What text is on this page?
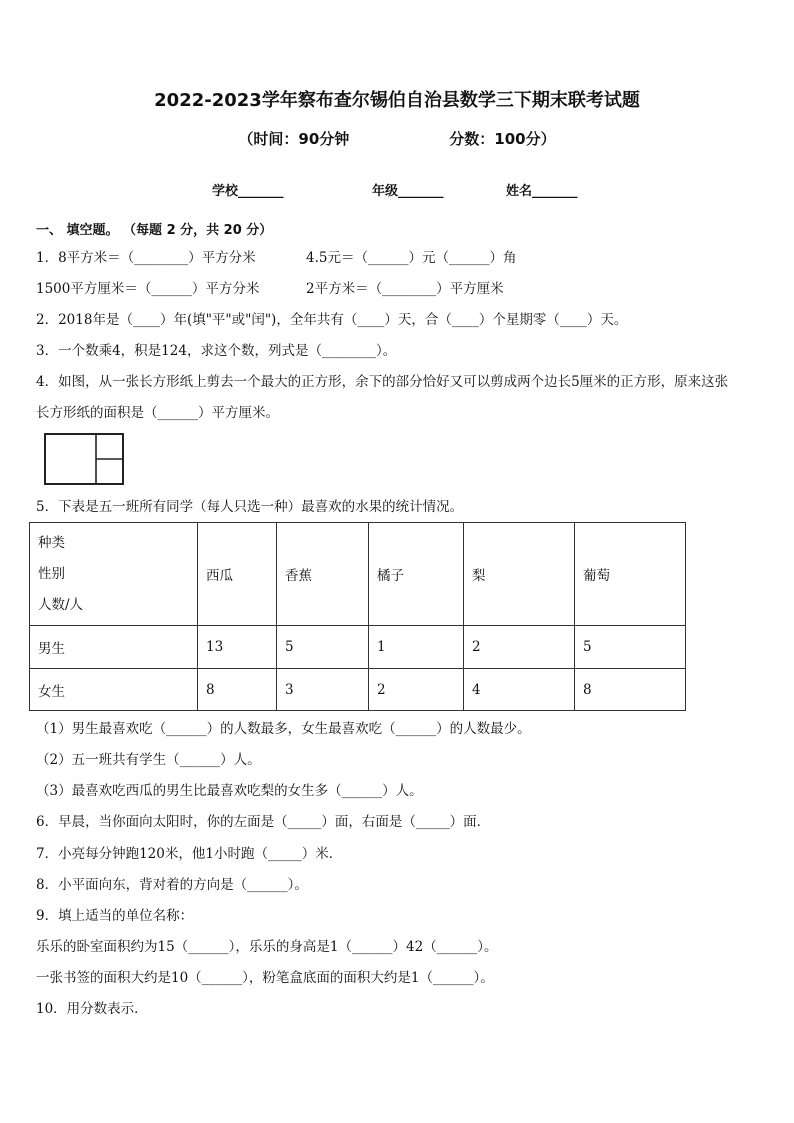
2022-2023学年察布查尔锡伯自治县数学三下期末联考试题
（时间：90分钟	分数：100分）
学校_______	年级_______	姓名_______
一、 填空题。 （每题 2 分，共 20 分）
1．8平方米＝（________）平方分米	4.5元＝（______）元（______）角
1500平方厘米＝（______）平方分米	2平方米＝（________）平方厘米
2．2018年是（____）年(填"平"或"闰")，全年共有（____）天，合（____）个星期零（____）天。
3．一个数乘4，积是124，求这个数，列式是（________）。
4．如图，从一张长方形纸上剪去一个最大的正方形，余下的部分恰好又可以剪成两个边长5厘米的正方形，原来这张
长方形纸的面积是（______）平方厘米。
5．下表是五一班所有同学（每人只选一种）最喜欢的水果的统计情况。
种类
性别
人数/人	西瓜	香蕉	橘子	梨	葡萄
男生	13	5	1	2	5
女生	8	3	2	4	8
（1）男生最喜欢吃（______）的人数最多，女生最喜欢吃（______）的人数最少。
（2）五一班共有学生（______）人。
（3）最喜欢吃西瓜的男生比最喜欢吃梨的女生多（______）人。
6．早晨，当你面向太阳时，你的左面是（_____）面，右面是（_____）面．
7．小亮每分钟跑120米，他1小时跑（_____）米．
8．小平面向东，背对着的方向是（______）。
9．填上适当的单位名称：
乐乐的卧室面积约为15（______），乐乐的身高是1（______）42（______）。
一张书签的面积大约是10（______），粉笔盒底面的面积大约是1（______）。
10．用分数表示．
